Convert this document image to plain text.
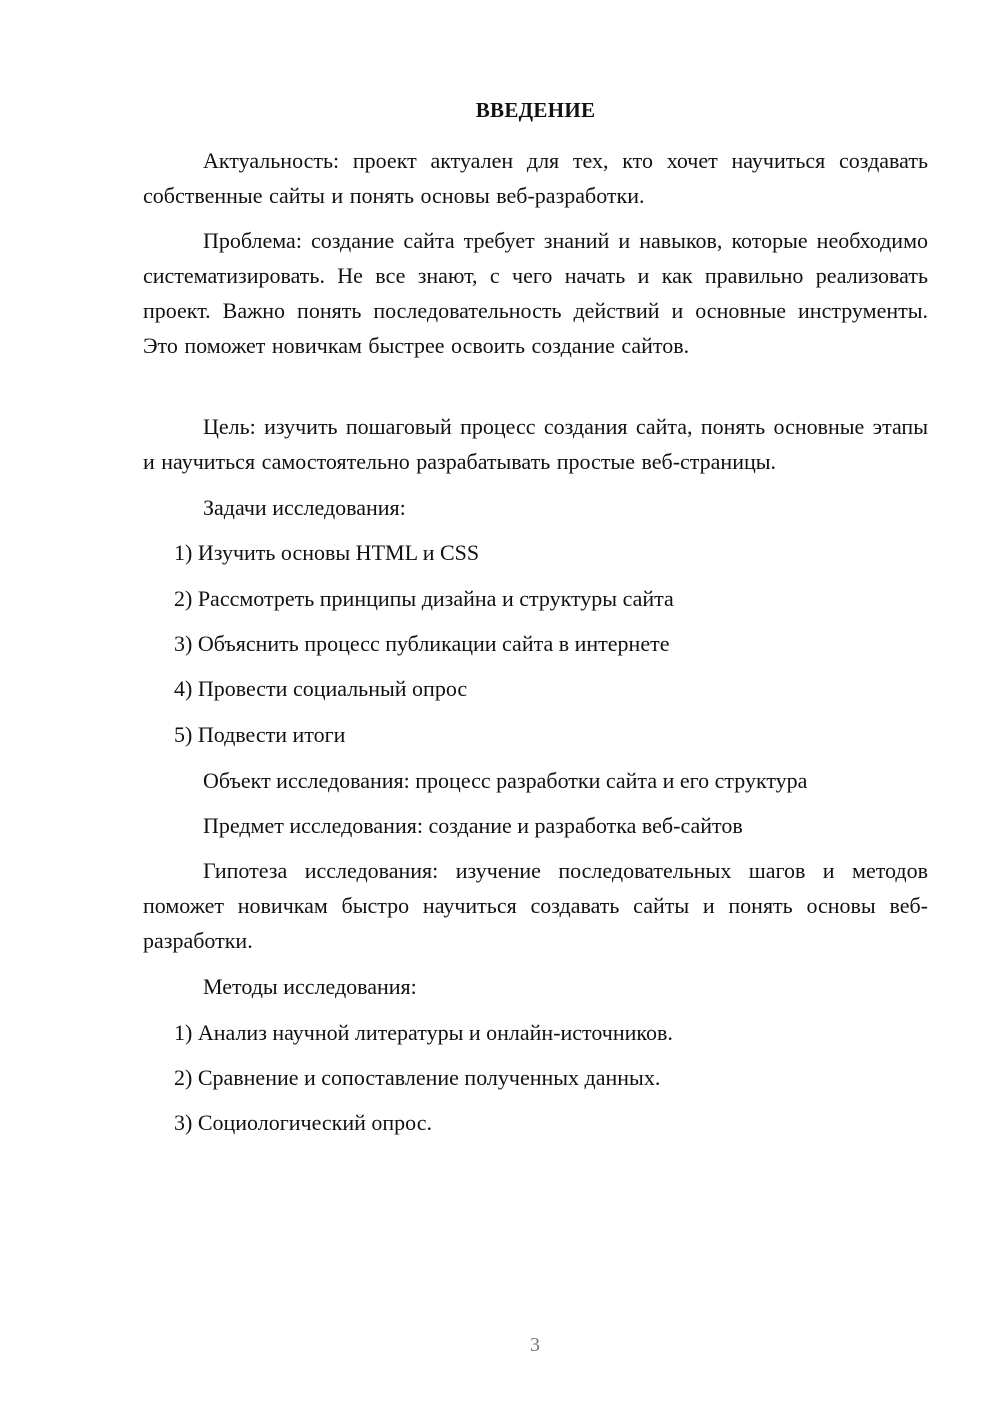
ВВЕДЕНИЕ
Актуальность: проект актуален для тех, кто хочет научиться создавать собственные сайты и понять основы веб-разработки.
Проблема: создание сайта требует знаний и навыков, которые необходимо систематизировать. Не все знают, с чего начать и как правильно реализовать проект. Важно понять последовательность действий и основные инструменты. Это поможет новичкам быстрее освоить создание сайтов.
Цель: изучить пошаговый процесс создания сайта, понять основные этапы и научиться самостоятельно разрабатывать простые веб-страницы.
Задачи исследования:
1) Изучить основы HTML и CSS
2) Рассмотреть принципы дизайна и структуры сайта
3) Объяснить процесс публикации сайта в интернете
4) Провести социальный опрос
5) Подвести итоги
Объект исследования: процесс разработки сайта и его структура
Предмет исследования: создание и разработка веб-сайтов
Гипотеза исследования: изучение последовательных шагов и методов поможет новичкам быстро научиться создавать сайты и понять основы веб-разработки.
Методы исследования:
1) Анализ научной литературы и онлайн-источников.
2) Сравнение и сопоставление полученных данных.
3) Социологический опрос.
3
